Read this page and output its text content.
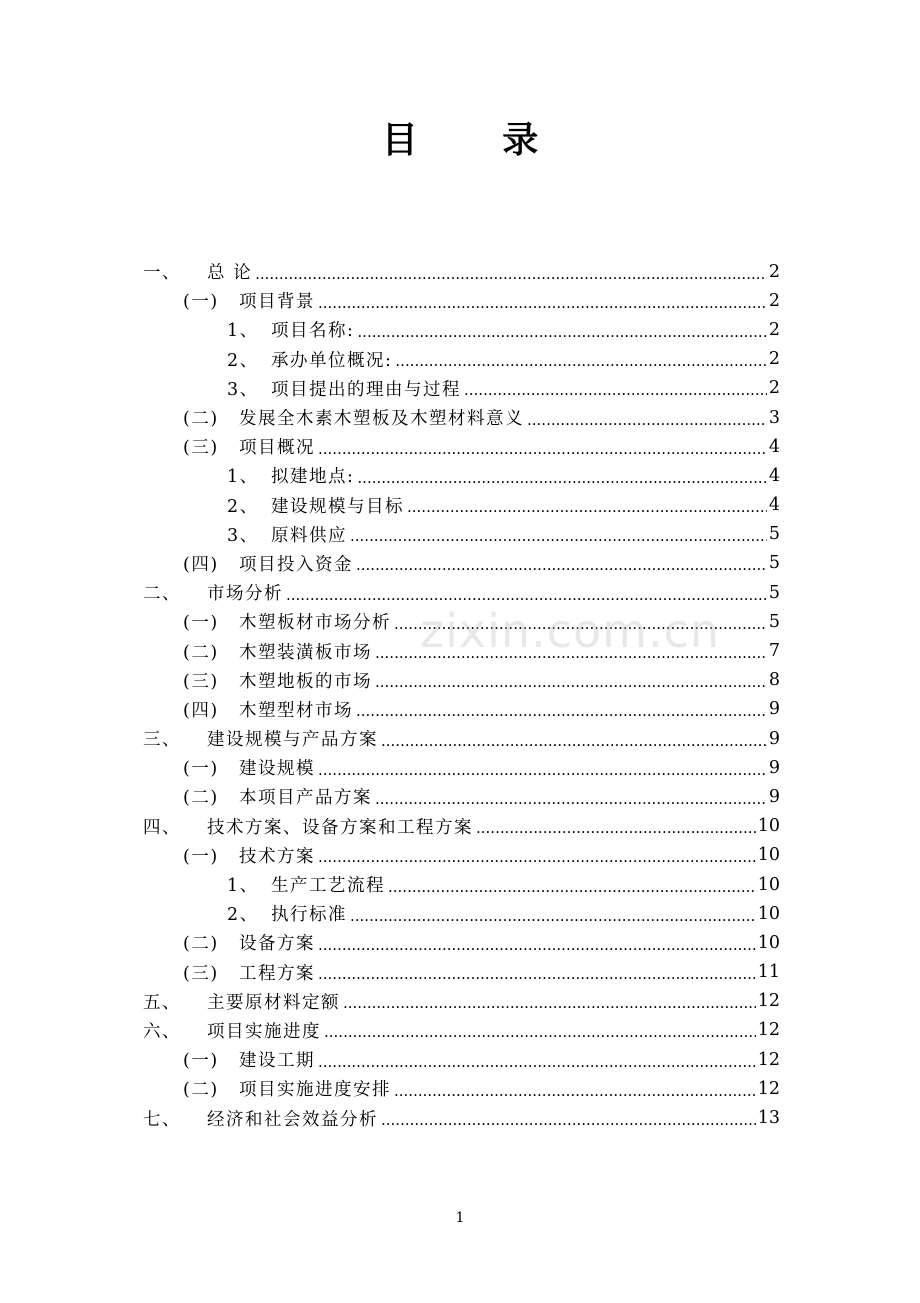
目 录
一、	总 论 .....	2
(一)	项目背景 .....	2
1、 项目名称: .....	2
2、 承办单位概况: .....	2
3、 项目提出的理由与过程 .....	2
(二)	发展全木素木塑板及木塑材料意义 .....	3
(三)	项目概况 .....	4
1、 拟建地点: .....	4
2、 建设规模与目标 .....	4
3、 原料供应 .....	5
(四)	项目投入资金 .....	5
二、	市场分析 .....	5
(一)	木塑板材市场分析 .....	5
(二)	木塑装潢板市场 .....	7
(三)	木塑地板的市场 .....	8
(四)	木塑型材市场 .....	9
三、	建设规模与产品方案 .....	9
(一)	建设规模 .....	9
(二)	本项目产品方案 .....	9
四、	技术方案、设备方案和工程方案 .....	10
(一)	技术方案 .....	10
1、 生产工艺流程 .....	10
2、 执行标准 .....	10
(二)	设备方案 .....	10
(三)	工程方案 .....	11
五、	主要原材料定额 .....	12
六、	项目实施进度 .....	12
(一)	建设工期 .....	12
(二)	项目实施进度安排 .....	12
七、	经济和社会效益分析 .....	13
zixin.com.cn
1
